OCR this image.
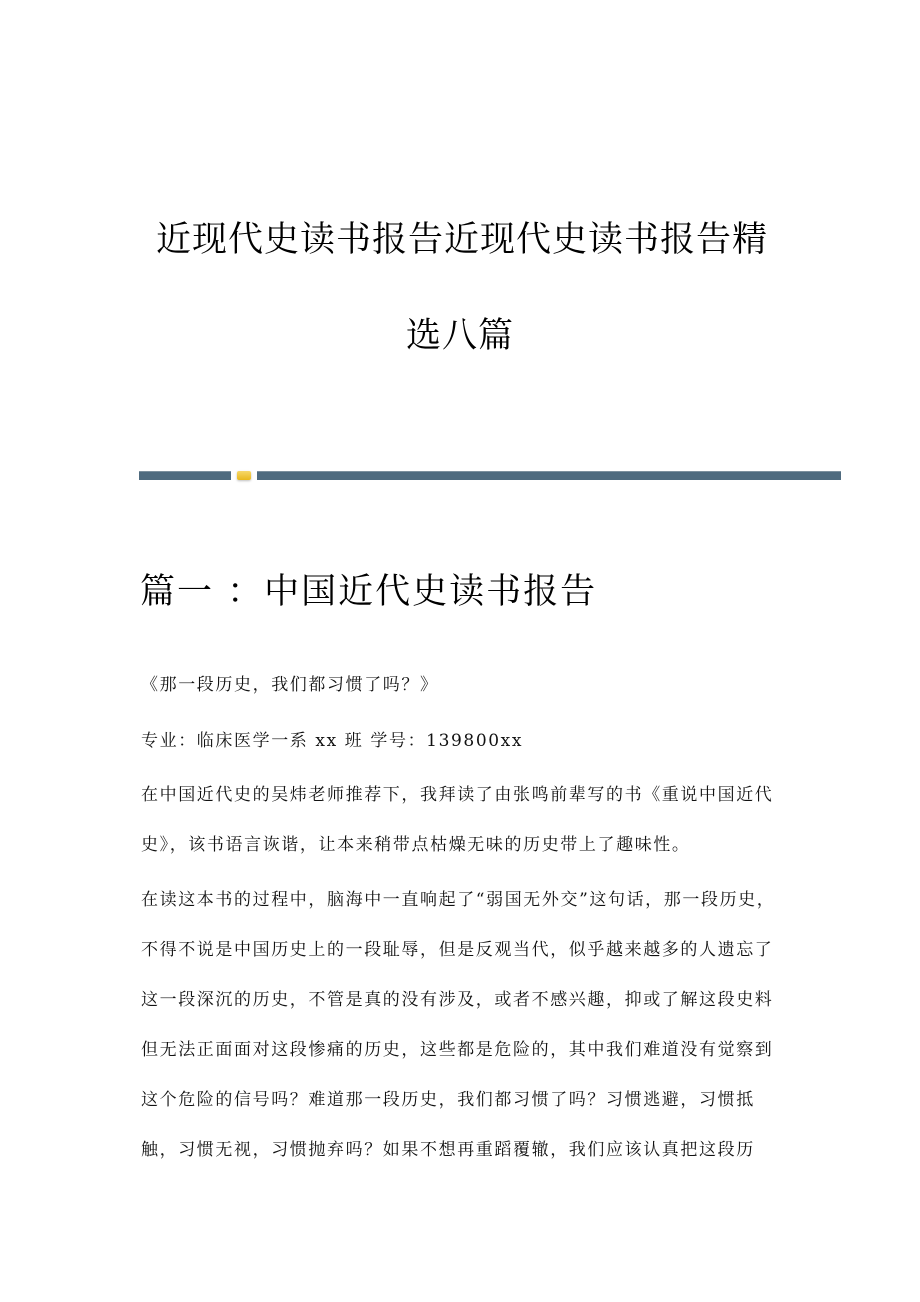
近现代史读书报告近现代史读书报告精
选八篇
篇一 ：中国近代史读书报告

《那一段历史，我们都习惯了吗？》

专业：临床医学一系 xx 班 学号：139800xx

在中国近代史的吴炜老师推荐下，我拜读了由张鸣前辈写的书《重说中国近代史》，该书语言诙谐，让本来稍带点枯燥无味的历史带上了趣味性。

在读这本书的过程中，脑海中一直响起了“弱国无外交”这句话，那一段历史，不得不说是中国历史上的一段耻辱，但是反观当代，似乎越来越多的人遗忘了这一段深沉的历史，不管是真的没有涉及，或者不感兴趣，抑或了解这段史料但无法正面面对这段惨痛的历史，这些都是危险的，其中我们难道没有觉察到这个危险的信号吗？难道那一段历史，我们都习惯了吗？习惯逃避，习惯抵触，习惯无视，习惯抛弃吗？如果不想再重蹈覆辙，我们应该认真把这段历
